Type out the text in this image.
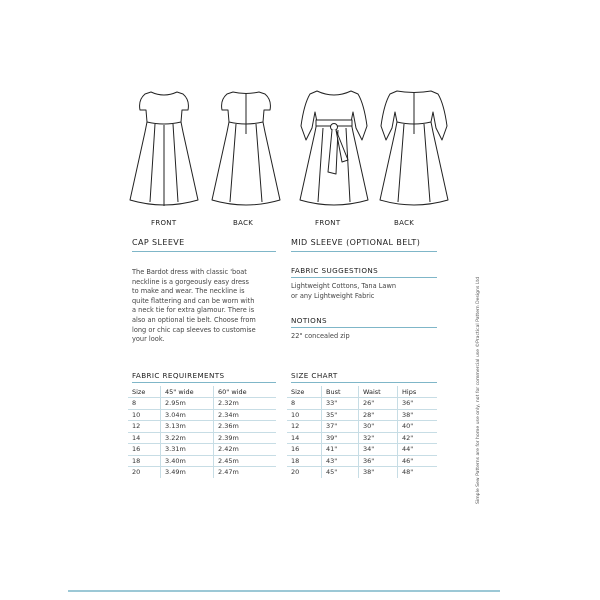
FRONT	BACK	FRONT	BACK
CAP SLEEVE	MID SLEEVE (OPTIONAL BELT)
The Bardot dress with classic 'boat
neckline is a gorgeously easy dress
to make and wear. The neckline is
quite flattering and can be worn with
a neck tie for extra glamour. There is
also an optional tie belt. Choose from
long or chic cap sleeves to customise
your look.
FABRIC SUGGESTIONS
Lightweight Cottons, Tana Lawn
or any Lightweight Fabric
NOTIONS
22" concealed zip
FABRIC REQUIREMENTS
Size	45" wide	60" wide
8	2.95m	2.32m
10	3.04m	2.34m
12	3.13m	2.36m
14	3.22m	2.39m
16	3.31m	2.42m
18	3.40m	2.45m
20	3.49m	2.47m
SIZE CHART
Size	Bust	Waist	Hips
8	33"	26"	36"
10	35"	28"	38"
12	37"	30"	40"
14	39"	32"	42"
16	41"	34"	44"
18	43"	36"	46"
20	45"	38"	48"	Simple Sew Patterns are for home use only, not for commercial use ©Practical Pattern Designs Ltd
